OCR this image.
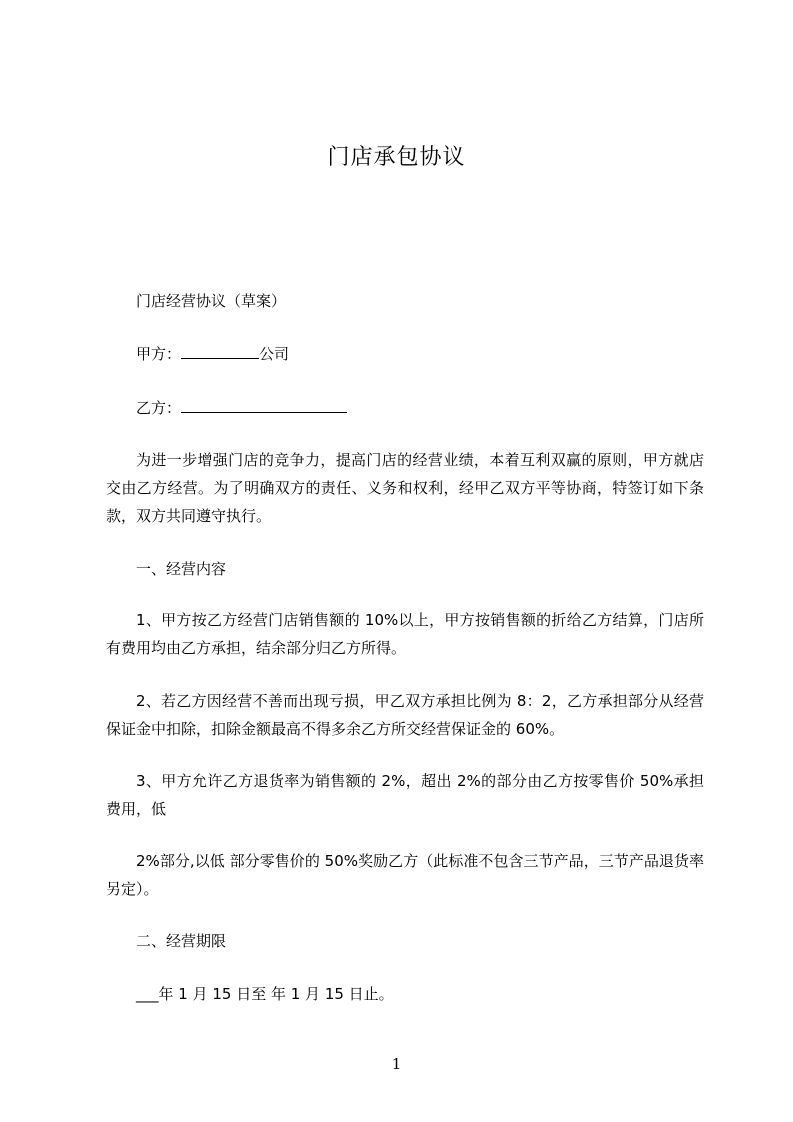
门店承包协议

门店经营协议（草案）

甲方：	公司

乙方：

为进一步增强门店的竞争力，提高门店的经营业绩，本着互利双赢的原则，甲方就店交由乙方经营。为了明确双方的责任、义务和权利，经甲乙双方平等协商，特签订如下条款，双方共同遵守执行。

一、经营内容

1、甲方按乙方经营门店销售额的 10%以上，甲方按销售额的折给乙方结算，门店所有费用均由乙方承担，结余部分归乙方所得。

2、若乙方因经营不善而出现亏损，甲乙双方承担比例为 8：2，乙方承担部分从经营保证金中扣除，扣除金额最高不得多余乙方所交经营保证金的 60%。

3、甲方允许乙方退货率为销售额的 2%，超出 2%的部分由乙方按零售价 50%承担费用，低

2%部分,以低 部分零售价的 50%奖励乙方（此标准不包含三节产品，三节产品退货率另定）。

二、经营期限

___年 1 月 15 日至 年 1 月 15 日止。

1
